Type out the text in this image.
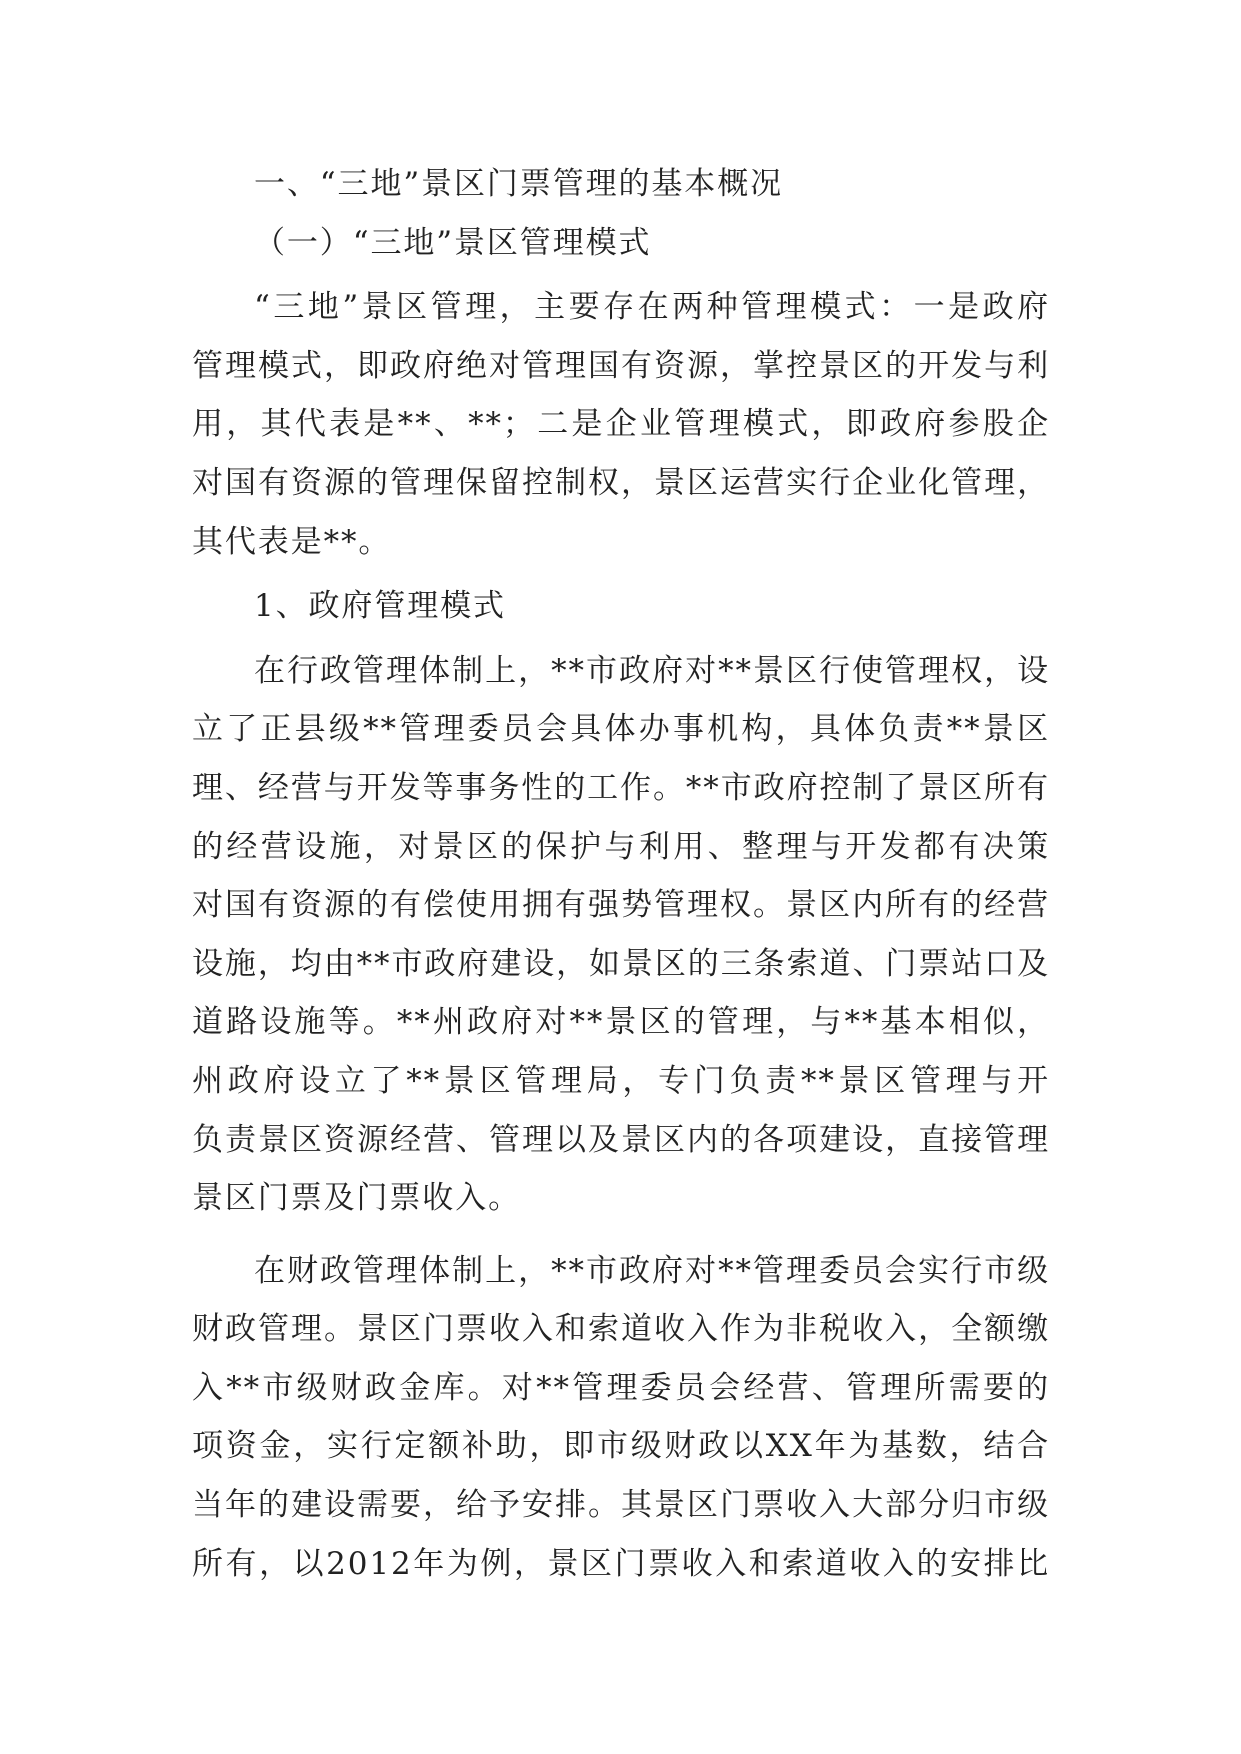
一、“三地”景区门票管理的基本概况
（一）“三地”景区管理模式
“三地”景区管理，主要存在两种管理模式：一是政府
管理模式，即政府绝对管理国有资源，掌控景区的开发与利
用，其代表是**、**；二是企业管理模式，即政府参股企
对国有资源的管理保留控制权，景区运营实行企业化管理，
其代表是**。
1、政府管理模式
在行政管理体制上，**市政府对**景区行使管理权，设
立了正县级**管理委员会具体办事机构，具体负责**景区
理、经营与开发等事务性的工作。**市政府控制了景区所有
的经营设施，对景区的保护与利用、整理与开发都有决策
对国有资源的有偿使用拥有强势管理权。景区内所有的经营
设施，均由**市政府建设，如景区的三条索道、门票站口及
道路设施等。**州政府对**景区的管理，与**基本相似，
州政府设立了**景区管理局，专门负责**景区管理与开
负责景区资源经营、管理以及景区内的各项建设，直接管理
景区门票及门票收入。
在财政管理体制上，**市政府对**管理委员会实行市级
财政管理。景区门票收入和索道收入作为非税收入，全额缴
入**市级财政金库。对**管理委员会经营、管理所需要的
项资金，实行定额补助，即市级财政以XX年为基数，结合
当年的建设需要，给予安排。其景区门票收入大部分归市级
所有，以2012年为例，景区门票收入和索道收入的安排比
